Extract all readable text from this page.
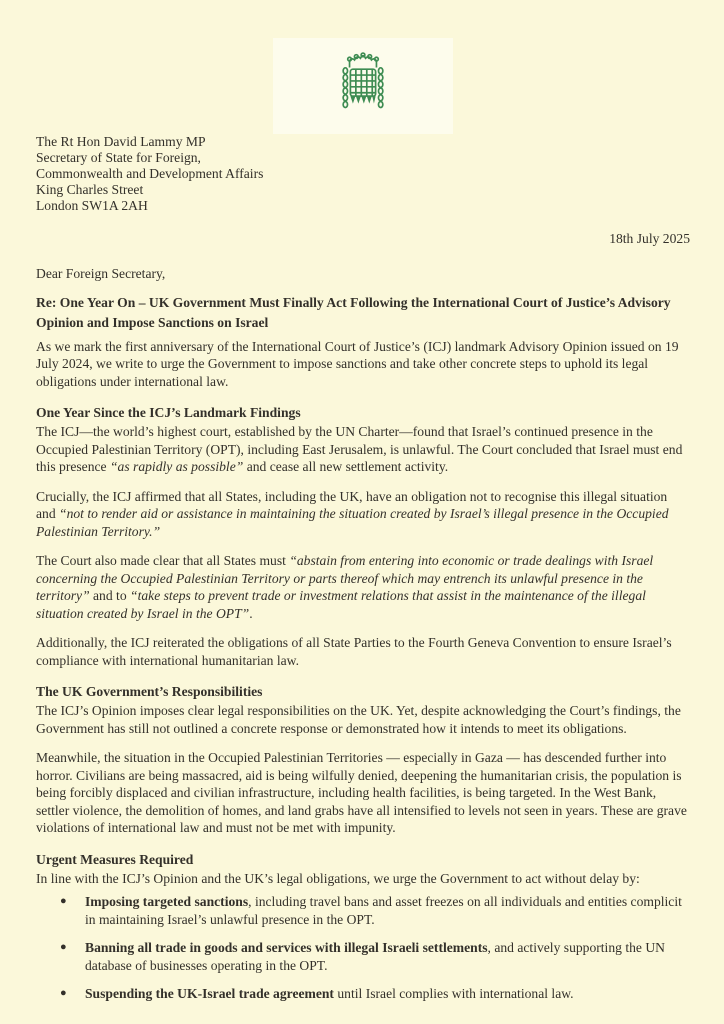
The Rt Hon David Lammy MP
Secretary of State for Foreign,
Commonwealth and Development Affairs
King Charles Street
London SW1A 2AH
18th July 2025

Dear Foreign Secretary,

Re: One Year On – UK Government Must Finally Act Following the International Court of Justice’s Advisory Opinion and Impose Sanctions on Israel

As we mark the first anniversary of the International Court of Justice’s (ICJ) landmark Advisory Opinion issued on 19 July 2024, we write to urge the Government to impose sanctions and take other concrete steps to uphold its legal obligations under international law.

One Year Since the ICJ’s Landmark Findings

The ICJ—the world’s highest court, established by the UN Charter—found that Israel’s continued presence in the Occupied Palestinian Territory (OPT), including East Jerusalem, is unlawful. The Court concluded that Israel must end this presence “as rapidly as possible” and cease all new settlement activity.

Crucially, the ICJ affirmed that all States, including the UK, have an obligation not to recognise this illegal situation and “not to render aid or assistance in maintaining the situation created by Israel’s illegal presence in the Occupied Palestinian Territory.”

The Court also made clear that all States must “abstain from entering into economic or trade dealings with Israel concerning the Occupied Palestinian Territory or parts thereof which may entrench its unlawful presence in the territory” and to “take steps to prevent trade or investment relations that assist in the maintenance of the illegal situation created by Israel in the OPT”.

Additionally, the ICJ reiterated the obligations of all State Parties to the Fourth Geneva Convention to ensure Israel’s compliance with international humanitarian law.

The UK Government’s Responsibilities

The ICJ’s Opinion imposes clear legal responsibilities on the UK. Yet, despite acknowledging the Court’s findings, the Government has still not outlined a concrete response or demonstrated how it intends to meet its obligations.

Meanwhile, the situation in the Occupied Palestinian Territories — especially in Gaza — has descended further into horror. Civilians are being massacred, aid is being wilfully denied, deepening the humanitarian crisis, the population is being forcibly displaced and civilian infrastructure, including health facilities, is being targeted. In the West Bank, settler violence, the demolition of homes, and land grabs have all intensified to levels not seen in years. These are grave violations of international law and must not be met with impunity.

Urgent Measures Required

In line with the ICJ’s Opinion and the UK’s legal obligations, we urge the Government to act without delay by:

●	Imposing targeted sanctions, including travel bans and asset freezes on all individuals and entities complicit in maintaining Israel’s unlawful presence in the OPT.
●	Banning all trade in goods and services with illegal Israeli settlements, and actively supporting the UN database of businesses operating in the OPT.
●	Suspending the UK-Israel trade agreement until Israel complies with international law.
